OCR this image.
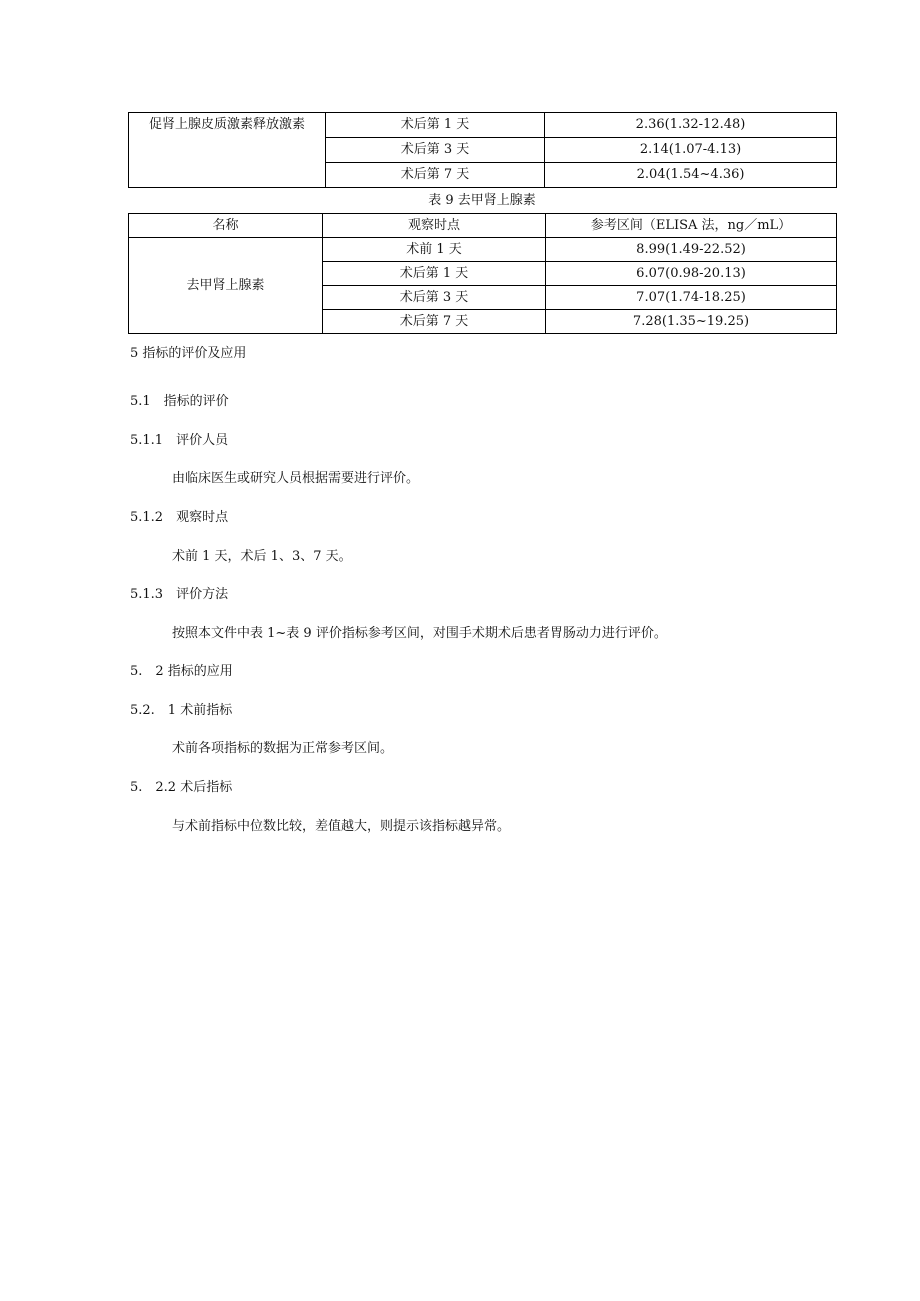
促肾上腺皮质激素释放激素	术后第 1 天	2.36(1.32-12.48)
	术后第 3 天	2.14(1.07-4.13)
	术后第 7 天	2.04(1.54~4.36)
表 9 去甲肾上腺素
名称	观察时点	参考区间（ELISA 法，ng／mL）
去甲肾上腺素	术前 1 天	8.99(1.49-22.52)
	术后第 1 天	6.07(0.98-20.13)
	术后第 3 天	7.07(1.74-18.25)
	术后第 7 天	7.28(1.35~19.25)
5 指标的评价及应用
5.1　指标的评价
5.1.1　评价人员
由临床医生或研究人员根据需要进行评价。
5.1.2　观察时点
术前 1 天，术后 1、3、7 天。
5.1.3　评价方法
按照本文件中表 1~表 9 评价指标参考区间，对围手术期术后患者胃肠动力进行评价。
5.　2 指标的应用
5.2.　1 术前指标
术前各项指标的数据为正常参考区间。
5.　2.2 术后指标
与术前指标中位数比较，差值越大，则提示该指标越异常。
